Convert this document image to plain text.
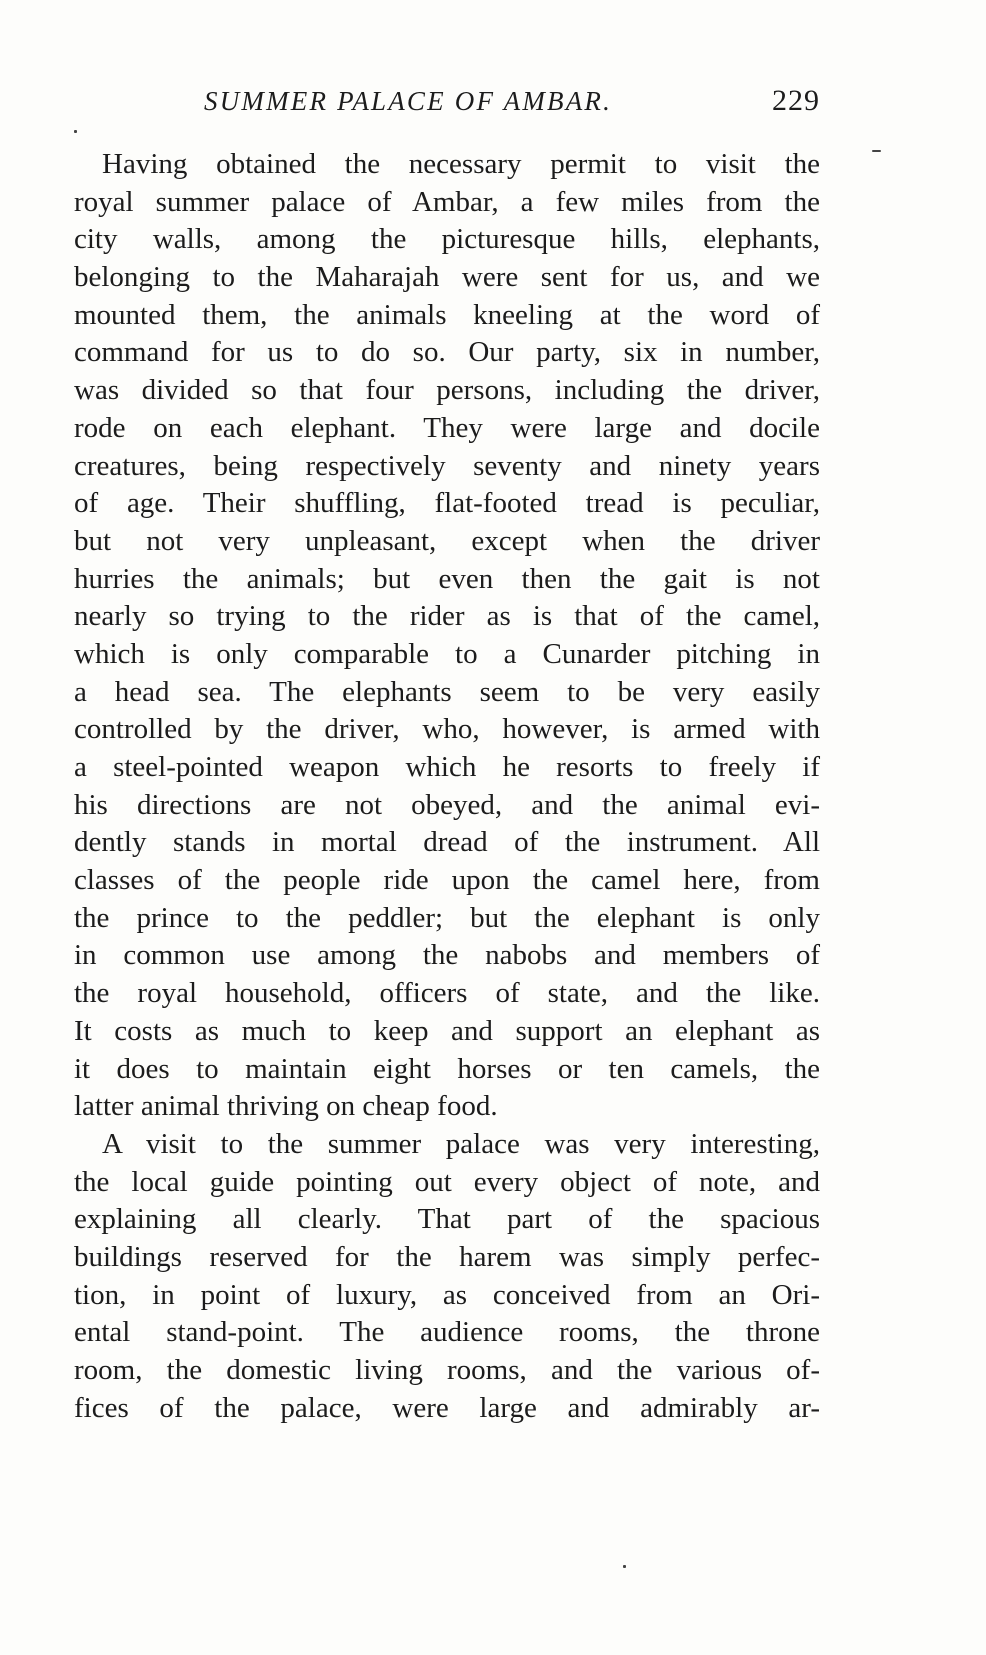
SUMMER PALACE OF AMBAR.	229
Having obtained the necessary permit to visit the
royal summer palace of Ambar, a few miles from the
city walls, among the picturesque hills, elephants,
belonging to the Maharajah were sent for us, and we
mounted them, the animals kneeling at the word of
command for us to do so. Our party, six in number,
was divided so that four persons, including the driver,
rode on each elephant. They were large and docile
creatures, being respectively seventy and ninety years
of age. Their shuffling, flat-footed tread is peculiar,
but not very unpleasant, except when the driver
hurries the animals; but even then the gait is not
nearly so trying to the rider as is that of the camel,
which is only comparable to a Cunarder pitching in
a head sea. The elephants seem to be very easily
controlled by the driver, who, however, is armed with
a steel-pointed weapon which he resorts to freely if
his directions are not obeyed, and the animal evi-
dently stands in mortal dread of the instrument. All
classes of the people ride upon the camel here, from
the prince to the peddler; but the elephant is only
in common use among the nabobs and members of
the royal household, officers of state, and the like.
It costs as much to keep and support an elephant as
it does to maintain eight horses or ten camels, the
latter animal thriving on cheap food.
A visit to the summer palace was very interesting,
the local guide pointing out every object of note, and
explaining all clearly. That part of the spacious
buildings reserved for the harem was simply perfec-
tion, in point of luxury, as conceived from an Ori-
ental stand-point. The audience rooms, the throne
room, the domestic living rooms, and the various of-
fices of the palace, were large and admirably ar-
